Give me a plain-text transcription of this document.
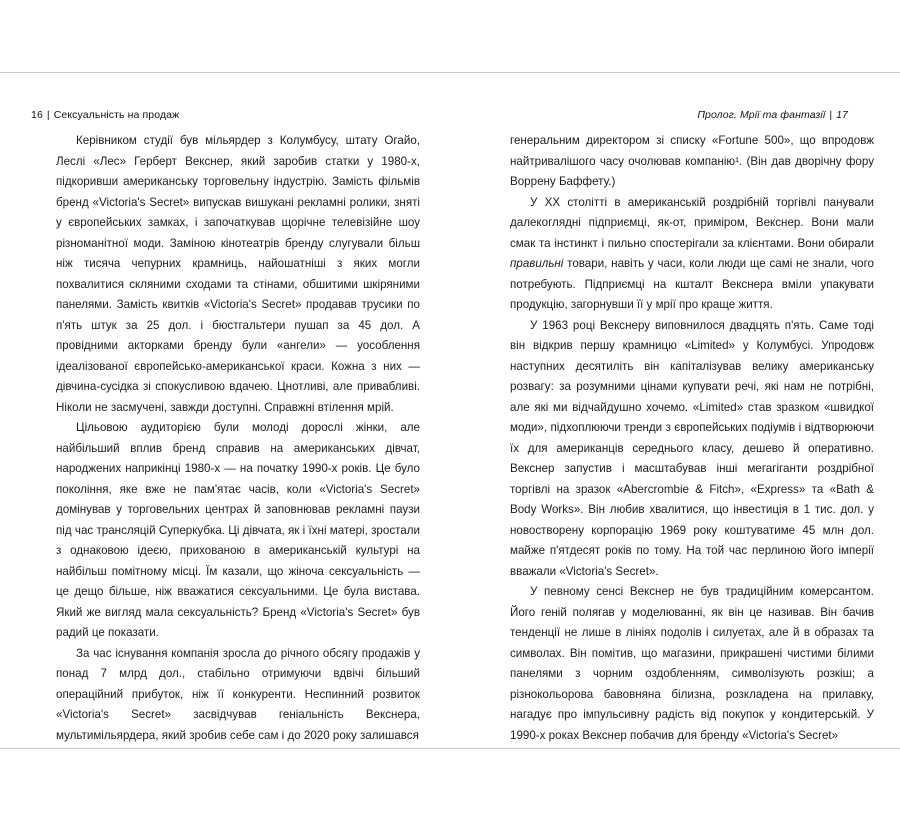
16 | Сексуальність на продаж

Керівником студії був мільярдер з Колумбусу, штату Огайо, Леслі «Лес» Герберт Векснер, який заробив статки у 1980-х, підкоривши американську торговельну індустрію. Замість фільмів бренд «Victoria's Secret» випускав вишукані рекламні ролики, зняті у європейських замках, і започаткував щорічне телевізійне шоу різноманітної моди. Заміною кінотеатрів бренду слугували більш ніж тисяча чепурних крамниць, найошатніші з яких могли похвалитися скляними сходами та стінами, обшитими шкіряними панелями. Замість квитків «Victoria's Secret» продавав трусики по п'ять штук за 25 дол. і бюстгальтери пушап за 45 дол. А провідними акторками бренду були «ангели» — уособлення ідеалізованої європейсько-американської краси. Кожна з них — дівчина-сусідка зі спокусливою вдачею. Цнотливі, але привабливі. Ніколи не засмучені, завжди доступні. Справжні втілення мрій.

Цільовою аудиторією були молоді дорослі жінки, але найбільший вплив бренд справив на американських дівчат, народжених наприкінці 1980-х — на початку 1990-х років. Це було покоління, яке вже не пам'ятає часів, коли «Victoria's Secret» домінував у торговельних центрах й заповнював рекламні паузи під час трансляцій Суперкубка. Ці дівчата, як і їхні матері, зростали з однаковою ідеєю, прихованою в американській культурі на найбільш помітному місці. Їм казали, що жіноча сексуальність — це дещо більше, ніж вважатися сексуальними. Це була вистава. Який же вигляд мала сексуальність? Бренд «Victoria's Secret» був радий це показати.

За час існування компанія зросла до річного обсягу продажів у понад 7 млрд дол., стабільно отримуючи вдвічі більший операційний прибуток, ніж її конкуренти. Неспинний розвиток «Victoria's Secret» засвідчував геніальність Векснера, мультимільярдера, який зробив себе сам і до 2020 року залишався

Пролог. Мрії та фантазії | 17

генеральним директором зі списку «Fortune 500», що впродовж найтривалішого часу очолював компанію¹. (Він дав дворічну фору Воррену Баффету.)

У XX столітті в американській роздрібній торгівлі панували далекоглядні підприємці, як-от, приміром, Векснер. Вони мали смак та інстинкт і пильно спостерігали за клієнтами. Вони обирали правильні товари, навіть у часи, коли люди ще самі не знали, чого потребують. Підприємці на кшталт Векснера вміли упакувати продукцію, загорнувши її у мрії про краще життя.

У 1963 році Векснеру виповнилося двадцять п'ять. Саме тоді він відкрив першу крамницю «Limited» у Колумбусі. Упродовж наступних десятиліть він капіталізував велику американську розвагу: за розумними цінами купувати речі, які нам не потрібні, але які ми відчайдушно хочемо. «Limited» став зразком «швидкої моди», підхоплюючи тренди з європейських подіумів і відтворюючи їх для американців середнього класу, дешево й оперативно. Векснер запустив і масштабував інші мегагіганти роздрібної торгівлі на зразок «Abercrombie & Fitch», «Express» та «Bath & Body Works». Він любив хвалитися, що інвестиція в 1 тис. дол. у новостворену корпорацію 1969 року коштуватиме 45 млн дол. майже п'ятдесят років по тому. На той час перлиною його імперії вважали «Victoria's Secret».

У певному сенсі Векснер не був традиційним комерсантом. Його геній полягав у моделюванні, як він це називав. Він бачив тенденції не лише в лініях подолів і силуетах, але й в образах та символах. Він помітив, що магазини, прикрашені чистими білими панелями з чорним оздобленням, символізують розкіш; а різнокольорова бавовняна білизна, розкладена на прилавку, нагадує про імпульсивну радість від покупок у кондитерській. У 1990-х роках Векснер побачив для бренду «Victoria's Secret»
